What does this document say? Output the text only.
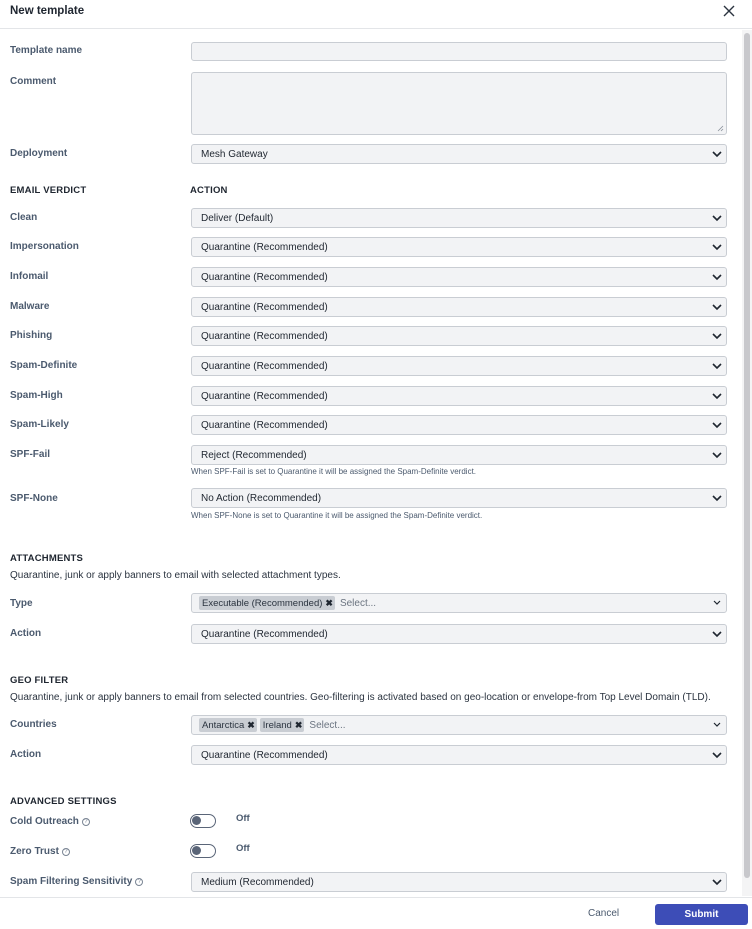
New template
Template name
Comment
Deployment	Mesh Gateway
EMAIL VERDICT	ACTION
Clean	Deliver (Default)
Impersonation	Quarantine (Recommended)
Infomail	Quarantine (Recommended)
Malware	Quarantine (Recommended)
Phishing	Quarantine (Recommended)
Spam-Definite	Quarantine (Recommended)
Spam-High	Quarantine (Recommended)
Spam-Likely	Quarantine (Recommended)
SPF-Fail	Reject (Recommended)
When SPF-Fail is set to Quarantine it will be assigned the Spam-Definite verdict.
SPF-None	No Action (Recommended)
When SPF-None is set to Quarantine it will be assigned the Spam-Definite verdict.
ATTACHMENTS
Quarantine, junk or apply banners to email with selected attachment types.
Type	Executable (Recommended) ✖ Select...
Action	Quarantine (Recommended)
GEO FILTER
Quarantine, junk or apply banners to email from selected countries. Geo-filtering is activated based on geo-location or envelope-from Top Level Domain (TLD).
Countries	Antarctica ✖ Ireland ✖ Select...
Action	Quarantine (Recommended)
ADVANCED SETTINGS
Cold Outreach ?	Off
Zero Trust ?	Off
Spam Filtering Sensitivity ?	Medium (Recommended)
Cancel	Submit
